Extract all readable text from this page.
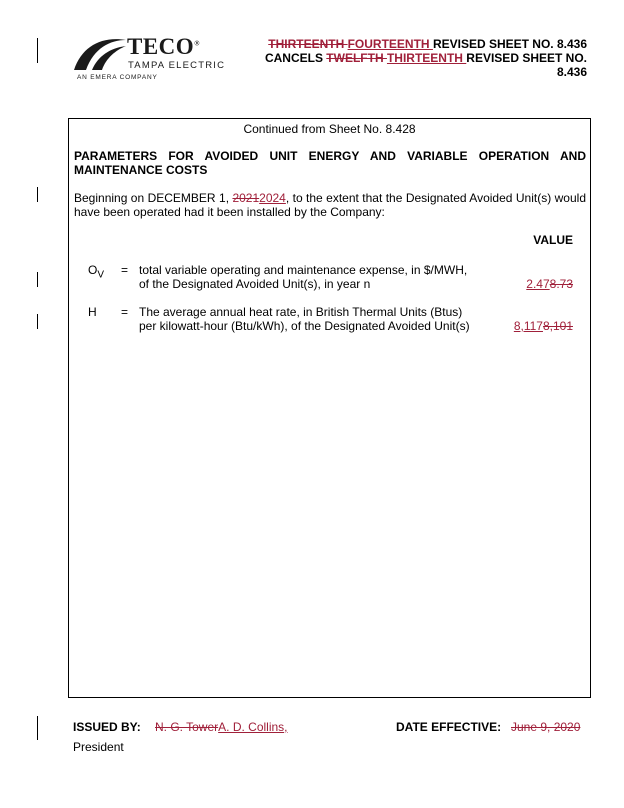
TECO®
TAMPA ELECTRIC
AN EMERA COMPANY
THIRTEENTH FOURTEENTH REVISED SHEET NO. 8.436
CANCELS TWELFTH THIRTEENTH REVISED SHEET NO.
8.436
Continued from Sheet No. 8.428
PARAMETERS FOR AVOIDED UNIT ENERGY AND VARIABLE OPERATION AND MAINTENANCE COSTS
Beginning on DECEMBER 1, 20212024, to the extent that the Designated Avoided Unit(s) would have been operated had it been installed by the Company:
VALUE
$O_V$ = total variable operating and maintenance expense, in $/MWH,
of the Designated Avoided Unit(s), in year n	2.478.73
H = The average annual heat rate, in British Thermal Units (Btus)
per kilowatt-hour (Btu/kWh), of the Designated Avoided Unit(s)	8,1178,101
ISSUED BY: N. G. TowerA. D. Collins,
President
DATE EFFECTIVE: June 9, 2020
